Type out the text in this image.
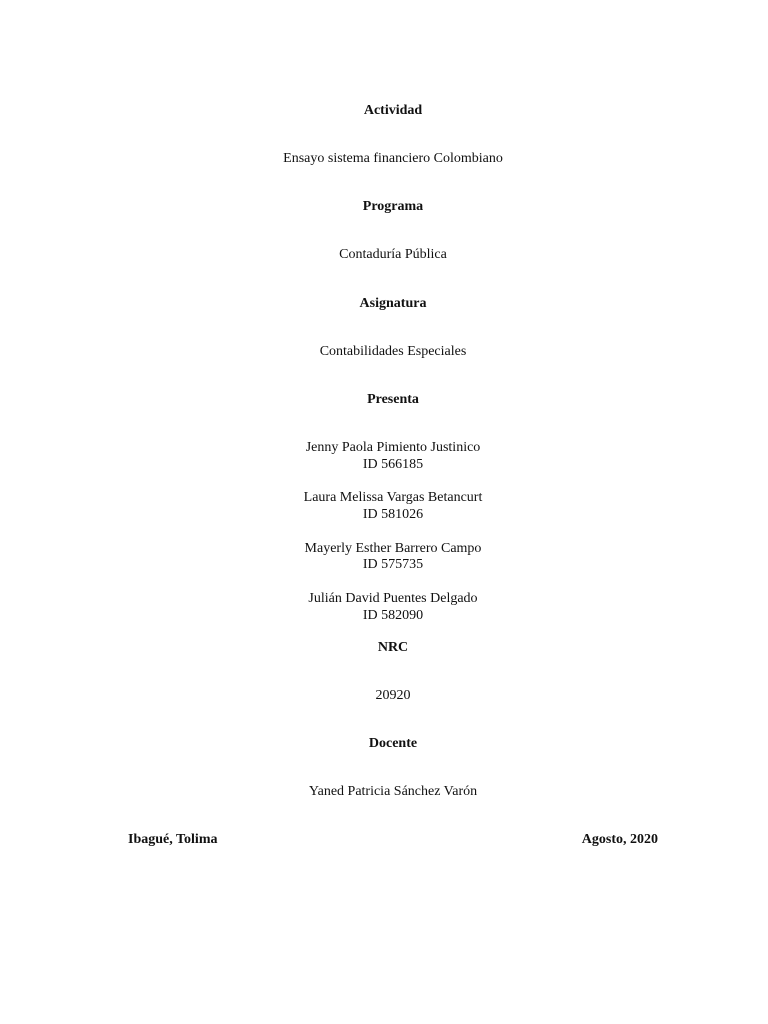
Actividad
Ensayo sistema financiero Colombiano
Programa
Contaduría Pública
Asignatura
Contabilidades Especiales
Presenta
Jenny Paola Pimiento Justinico
ID 566185
Laura Melissa Vargas Betancurt
ID 581026
Mayerly Esther Barrero Campo
ID 575735
Julián David Puentes Delgado
ID 582090
NRC
20920
Docente
Yaned Patricia Sánchez Varón
Ibagué, Tolima	Agosto, 2020
